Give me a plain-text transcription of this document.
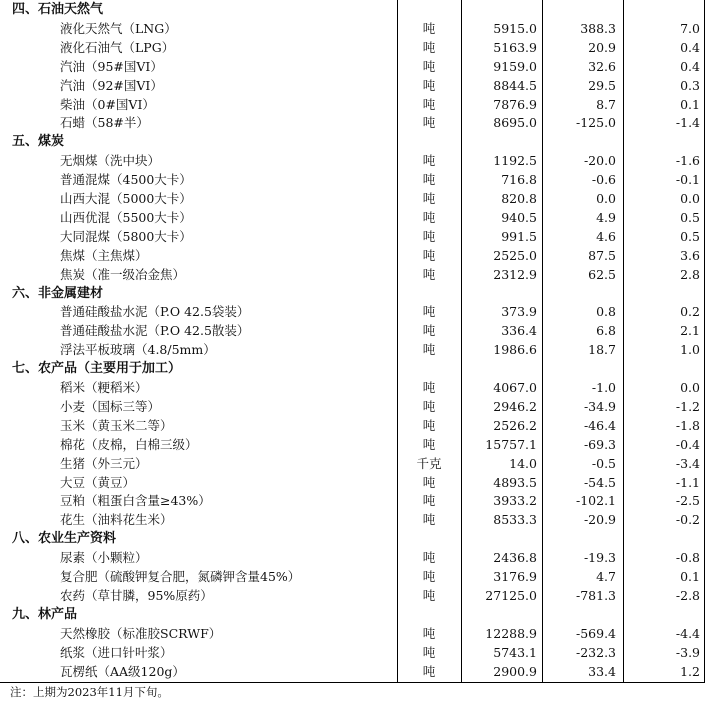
四、石油天然气
液化天然气（LNG）	吨	5915.0	388.3	7.0
液化石油气（LPG）	吨	5163.9	20.9	0.4
汽油（95#国VI）	吨	9159.0	32.6	0.4
汽油（92#国VI）	吨	8844.5	29.5	0.3
柴油（0#国VI）	吨	7876.9	8.7	0.1
石蜡（58#半）	吨	8695.0	-125.0	-1.4
五、煤炭
无烟煤（洗中块）	吨	1192.5	-20.0	-1.6
普通混煤（4500大卡）	吨	716.8	-0.6	-0.1
山西大混（5000大卡）	吨	820.8	0.0	0.0
山西优混（5500大卡）	吨	940.5	4.9	0.5
大同混煤（5800大卡）	吨	991.5	4.6	0.5
焦煤（主焦煤）	吨	2525.0	87.5	3.6
焦炭（准一级冶金焦）	吨	2312.9	62.5	2.8
六、非金属建材
普通硅酸盐水泥（P.O 42.5袋装）	吨	373.9	0.8	0.2
普通硅酸盐水泥（P.O 42.5散装）	吨	336.4	6.8	2.1
浮法平板玻璃（4.8/5mm）	吨	1986.6	18.7	1.0
七、农产品（主要用于加工）
稻米（粳稻米）	吨	4067.0	-1.0	0.0
小麦（国标三等）	吨	2946.2	-34.9	-1.2
玉米（黄玉米二等）	吨	2526.2	-46.4	-1.8
棉花（皮棉，白棉三级）	吨	15757.1	-69.3	-0.4
生猪（外三元）	千克	14.0	-0.5	-3.4
大豆（黄豆）	吨	4893.5	-54.5	-1.1
豆粕（粗蛋白含量≥43%）	吨	3933.2	-102.1	-2.5
花生（油料花生米）	吨	8533.3	-20.9	-0.2
八、农业生产资料
尿素（小颗粒）	吨	2436.8	-19.3	-0.8
复合肥（硫酸钾复合肥，氮磷钾含量45%）	吨	3176.9	4.7	0.1
农药（草甘膦，95%原药）	吨	27125.0	-781.3	-2.8
九、林产品
天然橡胶（标准胶SCRWF）	吨	12288.9	-569.4	-4.4
纸浆（进口针叶浆）	吨	5743.1	-232.3	-3.9
瓦楞纸（AA级120g）	吨	2900.9	33.4	1.2
注：上期为2023年11月下旬。
